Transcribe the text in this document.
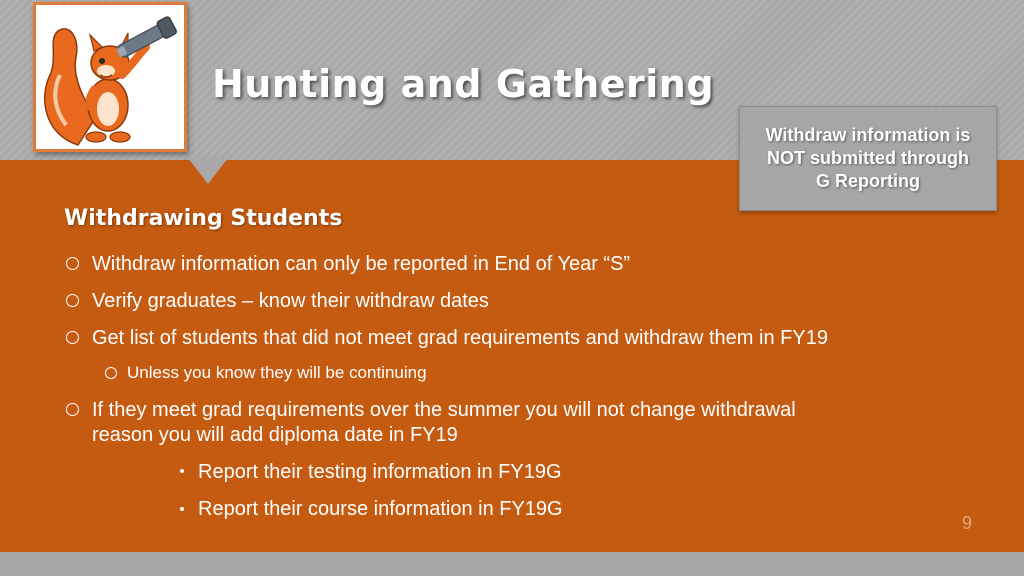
Hunting and Gathering
Withdraw information is NOT submitted through G Reporting
Withdrawing Students
Withdraw information can only be reported in End of Year “S”
Verify graduates – know their withdraw dates
Get list of students that did not meet grad requirements and withdraw them in FY19
Unless you know they will be continuing
If they meet grad requirements over the summer you will not change withdrawal
reason you will add diploma date in FY19
Report their testing information in FY19G
Report their course information in FY19G
9
